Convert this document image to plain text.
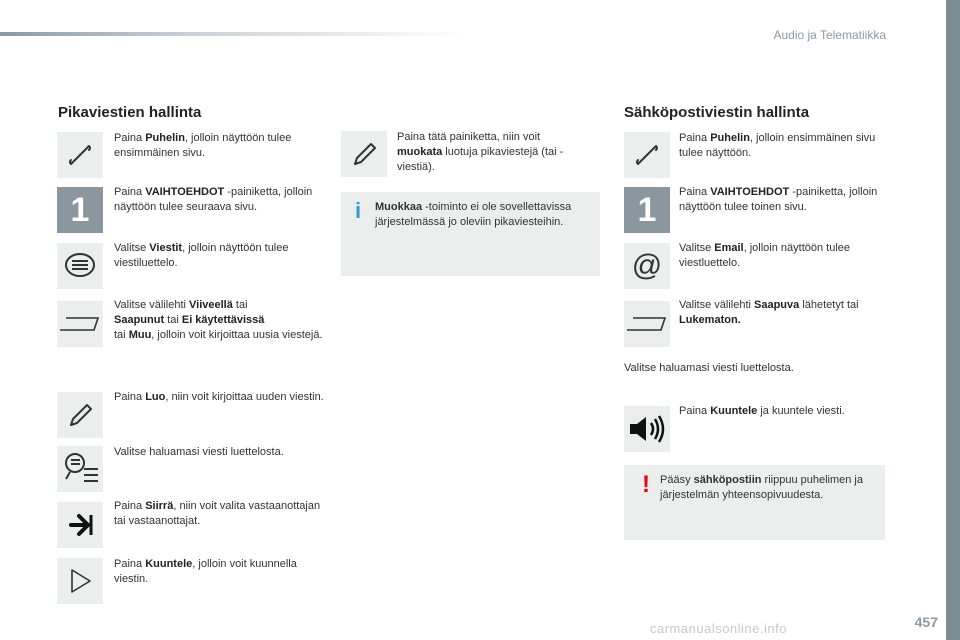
Audio ja Telematiikka
Pikaviestien hallinta
Paina Puhelin, jolloin näyttöön tulee ensimmäinen sivu.
1 Paina VAIHTOEHDOT -painiketta, jolloin näyttöön tulee seuraava sivu.
Valitse Viestit, jolloin näyttöön tulee viestiluettelo.
Valitse välilehti Viiveellä tai
Saapunut tai Ei käytettävissä
tai Muu, jolloin voit kirjoittaa uusia viestejä.
Paina Luo, niin voit kirjoittaa uuden viestin.
Valitse haluamasi viesti luettelosta.
Paina Siirrä, niin voit valita vastaanottajan tai vastaanottajat.
Paina Kuuntele, jolloin voit kuunnella viestin.
Paina tätä painiketta, niin voit muokata luotuja pikaviestejä (tai -viestiä).
i Muokkaa -toiminto ei ole sovellettavissa järjestelmässä jo oleviin pikaviesteihin.
Sähköpostiviestin hallinta
Paina Puhelin, jolloin ensimmäinen sivu tulee näyttöön.
1 Paina VAIHTOEHDOT -painiketta, jolloin näyttöön tulee toinen sivu.
@
Valitse Email, jolloin näyttöön tulee viestluettelo.
Valitse välilehti Saapuva lähetetyt tai Lukematon.
Valitse haluamasi viesti luettelosta.
Paina Kuuntele ja kuuntele viesti.
! Pääsy sähköpostiin riippuu puhelimen ja järjestelmän yhteensopivuudesta.
457
carmanualsonline.info
